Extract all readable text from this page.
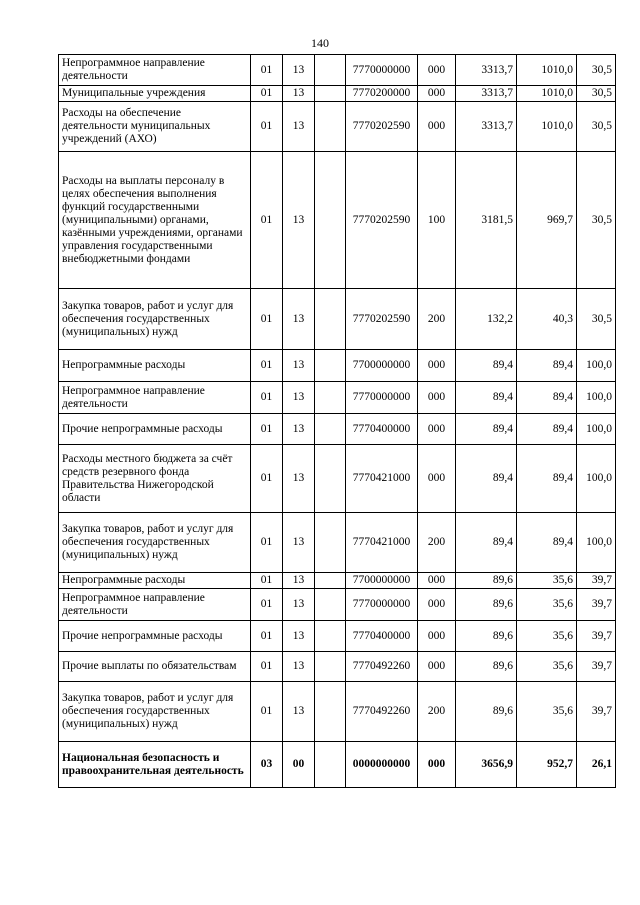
140
Непрограммное направление деятельности	01	13		7770000000	000	3313,7	1010,0	30,5
Муниципальные учреждения	01	13		7770200000	000	3313,7	1010,0	30,5
Расходы на обеспечение деятельности муниципальных учреждений (АХО)	01	13		7770202590	000	3313,7	1010,0	30,5
Расходы на выплаты персоналу в целях обеспечения выполнения функций государственными (муниципальными) органами, казёнными учреждениями, органами управления государственными внебюджетными фондами	01	13		7770202590	100	3181,5	969,7	30,5
Закупка товаров, работ и услуг для обеспечения государственных (муниципальных) нужд	01	13		7770202590	200	132,2	40,3	30,5
Непрограммные расходы	01	13		7700000000	000	89,4	89,4	100,0
Непрограммное направление деятельности	01	13		7770000000	000	89,4	89,4	100,0
Прочие непрограммные расходы	01	13		7770400000	000	89,4	89,4	100,0
Расходы местного бюджета за счёт средств резервного фонда Правительства Нижегородской области	01	13		7770421000	000	89,4	89,4	100,0
Закупка товаров, работ и услуг для обеспечения государственных (муниципальных) нужд	01	13		7770421000	200	89,4	89,4	100,0
Непрограммные расходы	01	13		7700000000	000	89,6	35,6	39,7
Непрограммное направление деятельности	01	13		7770000000	000	89,6	35,6	39,7
Прочие непрограммные расходы	01	13		7770400000	000	89,6	35,6	39,7
Прочие выплаты по обязательствам	01	13		7770492260	000	89,6	35,6	39,7
Закупка товаров, работ и услуг для обеспечения государственных (муниципальных) нужд	01	13		7770492260	200	89,6	35,6	39,7
Национальная безопасность и правоохранительная деятельность	03	00		0000000000	000	3656,9	952,7	26,1
